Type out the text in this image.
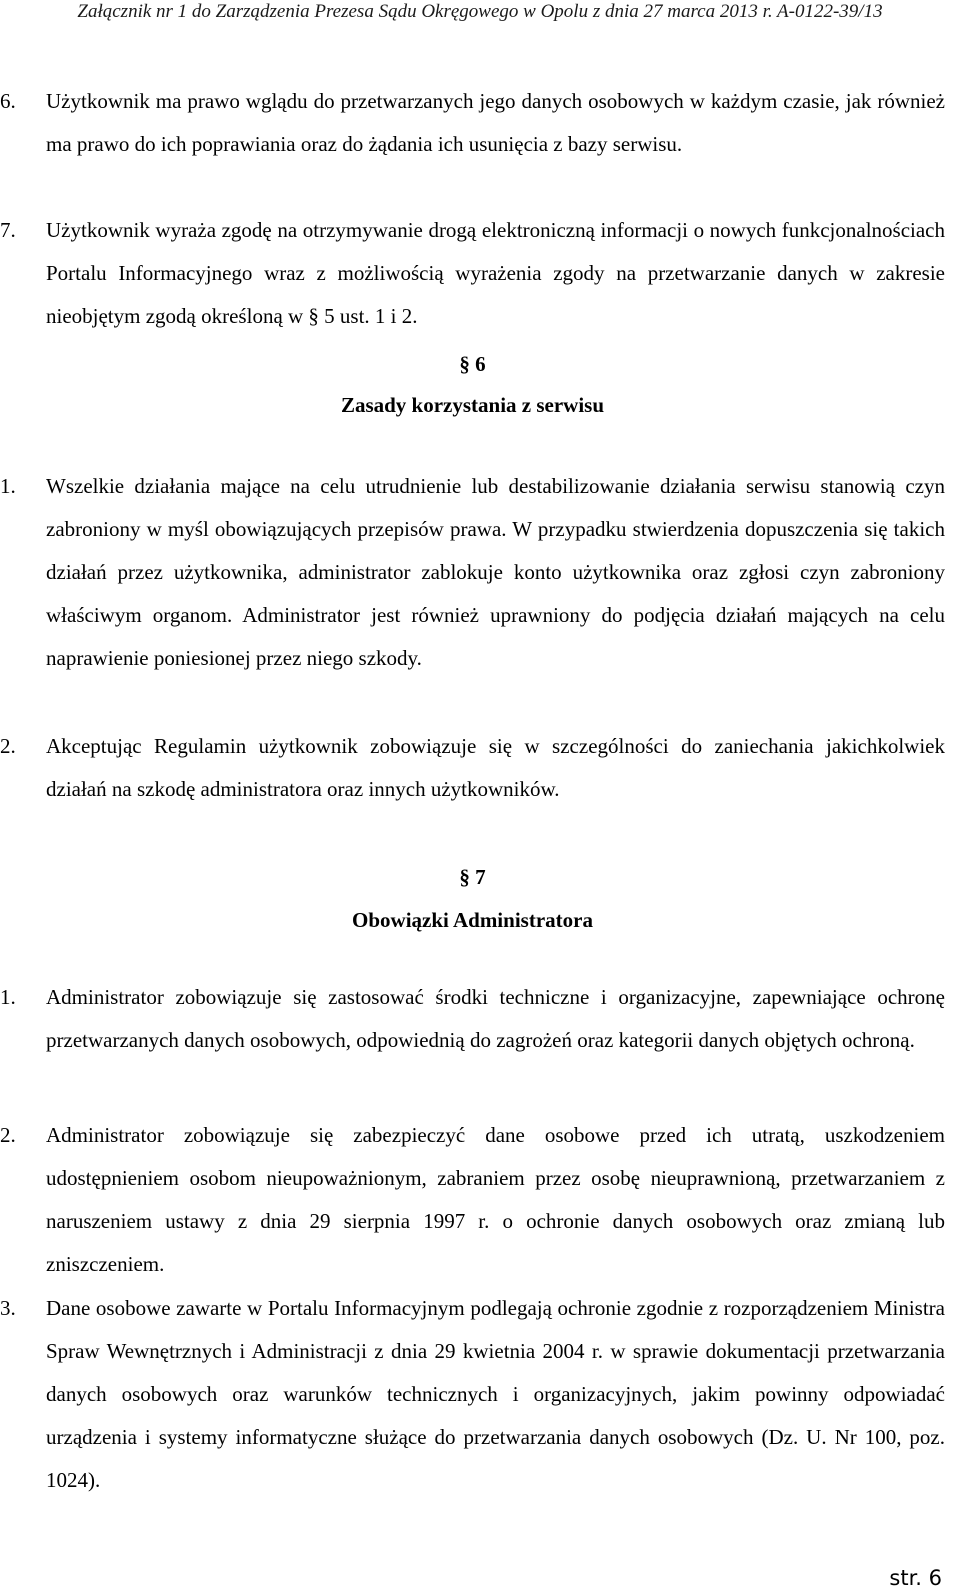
Załącznik nr 1 do Zarządzenia Prezesa Sądu Okręgowego w Opolu z dnia 27 marca 2013 r. A-0122-39/13
6. Użytkownik ma prawo wglądu do przetwarzanych jego danych osobowych w każdym czasie, jak również ma prawo do ich poprawiania oraz do żądania ich usunięcia z bazy serwisu.
7. Użytkownik wyraża zgodę na otrzymywanie drogą elektroniczną informacji o nowych funkcjonalnościach Portalu Informacyjnego wraz z możliwością wyrażenia zgody na przetwarzanie danych w zakresie nieobjętym zgodą określoną w § 5 ust. 1 i 2.
§ 6
Zasady korzystania z serwisu
1. Wszelkie działania mające na celu utrudnienie lub destabilizowanie działania serwisu stanowią czyn zabroniony w myśl obowiązujących przepisów prawa. W przypadku stwierdzenia dopuszczenia się takich działań przez użytkownika, administrator zablokuje konto użytkownika oraz zgłosi czyn zabroniony właściwym organom. Administrator jest również uprawniony do podjęcia działań mających na celu naprawienie poniesionej przez niego szkody.
2. Akceptując Regulamin użytkownik zobowiązuje się w szczególności do zaniechania jakichkolwiek działań na szkodę administratora oraz innych użytkowników.
§ 7
Obowiązki Administratora
1. Administrator zobowiązuje się zastosować środki techniczne i organizacyjne, zapewniające ochronę przetwarzanych danych osobowych, odpowiednią do zagrożeń oraz kategorii danych objętych ochroną.
2. Administrator zobowiązuje się zabezpieczyć dane osobowe przed ich utratą, uszkodzeniem udostępnieniem osobom nieupoważnionym, zabraniem przez osobę nieuprawnioną, przetwarzaniem z naruszeniem ustawy z dnia 29 sierpnia 1997 r. o ochronie danych osobowych oraz zmianą lub zniszczeniem.
3. Dane osobowe zawarte w Portalu Informacyjnym podlegają ochronie zgodnie z rozporządzeniem Ministra Spraw Wewnętrznych i Administracji z dnia 29 kwietnia 2004 r. w sprawie dokumentacji przetwarzania danych osobowych oraz warunków technicznych i organizacyjnych, jakim powinny odpowiadać urządzenia i systemy informatyczne służące do przetwarzania danych osobowych (Dz. U. Nr 100, poz. 1024).
str. 6
